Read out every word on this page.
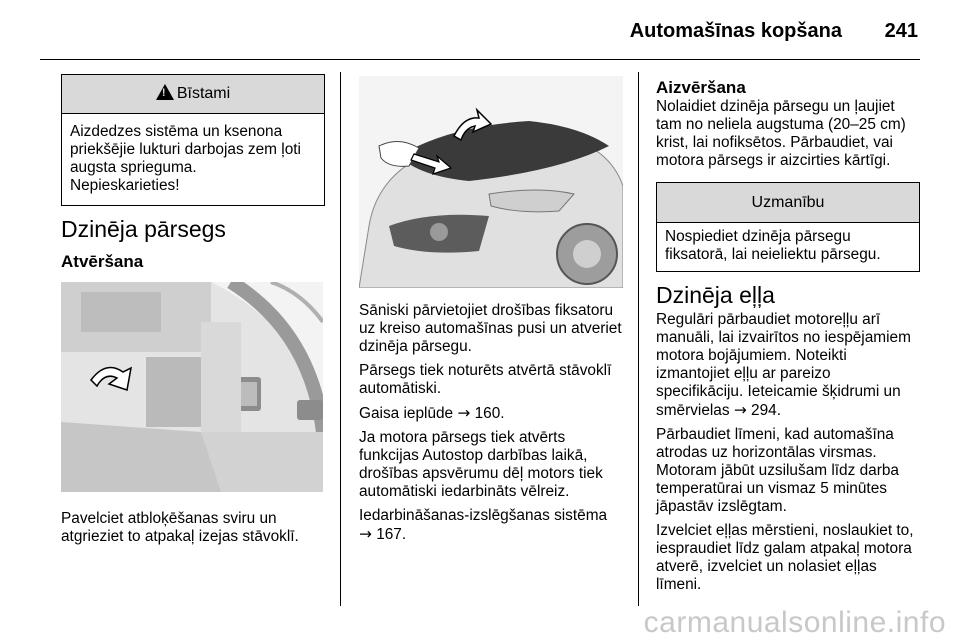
Automašīnas kopšana 241
!Bīstami
Aizdedzes sistēma un ksenona priekšējie lukturi darbojas zem ļoti augsta sprieguma.
Nepieskarieties!
Dzinēja pārsegs
Atvēršana
Pavelciet atbloķēšanas sviru un atgrieziet to atpakaļ izejas stāvoklī.

Sāniski pārvietojiet drošības fiksatoru uz kreiso automašīnas pusi un atveriet dzinēja pārsegu.

Pārsegs tiek noturēts atvērtā stāvoklī automātiski.

Gaisa ieplūde → 160.

Ja motora pārsegs tiek atvērts funkcijas Autostop darbības laikā, drošības apsvērumu dēļ motors tiek automātiski iedarbināts vēlreiz.

Iedarbināšanas-izslēgšanas sistēma
→ 167.

Aizvēršana

Nolaidiet dzinēja pārsegu un ļaujiet tam no neliela augstuma (20–25 cm) krist, lai nofiksētos. Pārbaudiet, vai motora pārsegs ir aizcirties kārtīgi.

Uzmanību
Nospiediet dzinēja pārsegu fiksatorā, lai neieliektu pārsegu.
Dzinēja eļļa

Regulāri pārbaudiet motoreļļu arī manuāli, lai izvairītos no iespējamiem motora bojājumiem. Noteikti izmantojiet eļļu ar pareizo specifikāciju. Ieteicamie šķidrumi un smērvielas → 294.

Pārbaudiet līmeni, kad automašīna atrodas uz horizontālas virsmas. Motoram jābūt uzsilušam līdz darba temperatūrai un vismaz 5 minūtes jāpastāv izslēgtam.

Izvelciet eļļas mērstieni, noslaukiet to, iespraudiet līdz galam atpakaļ motora atverē, izvelciet un nolasiet eļļas līmeni.

carmanualsonline.info
